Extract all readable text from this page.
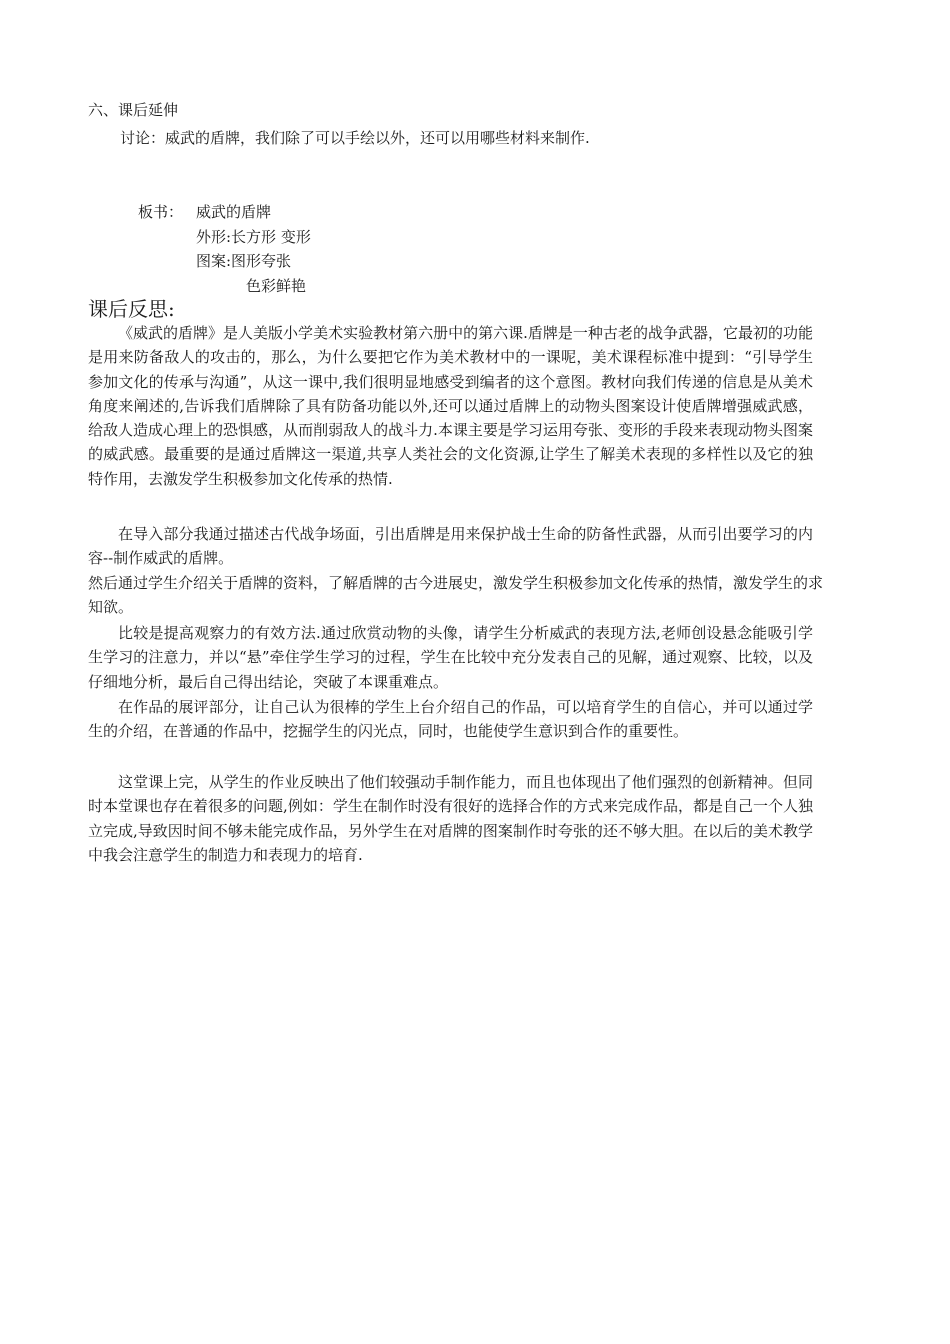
六、课后延伸
讨论：威武的盾牌，我们除了可以手绘以外，还可以用哪些材料来制作.
板书： 威武的盾牌
外形:长方形 变形
图案:图形夸张
色彩鲜艳
课后反思:
《威武的盾牌》是人美版小学美术实验教材第六册中的第六课.盾牌是一种古老的战争武器，它最初的功能是用来防备敌人的攻击的，那么，为什么要把它作为美术教材中的一课呢，美术课程标准中提到：“引导学生参加文化的传承与沟通”，从这一课中,我们很明显地感受到编者的这个意图。教材向我们传递的信息是从美术角度来阐述的,告诉我们盾牌除了具有防备功能以外,还可以通过盾牌上的动物头图案设计使盾牌增强威武感，给敌人造成心理上的恐惧感，从而削弱敌人的战斗力.本课主要是学习运用夸张、变形的手段来表现动物头图案的威武感。最重要的是通过盾牌这一渠道,共享人类社会的文化资源,让学生了解美术表现的多样性以及它的独特作用，去激发学生积极参加文化传承的热情.
在导入部分我通过描述古代战争场面，引出盾牌是用来保护战士生命的防备性武器，从而引出要学习的内容--制作威武的盾牌。
然后通过学生介绍关于盾牌的资料，了解盾牌的古今进展史，激发学生积极参加文化传承的热情，激发学生的求知欲。
比较是提高观察力的有效方法.通过欣赏动物的头像，请学生分析威武的表现方法,老师创设悬念能吸引学生学习的注意力，并以“悬”牵住学生学习的过程，学生在比较中充分发表自己的见解，通过观察、比较，以及仔细地分析，最后自己得出结论，突破了本课重难点。
在作品的展评部分，让自己认为很棒的学生上台介绍自己的作品，可以培育学生的自信心，并可以通过学生的介绍，在普通的作品中，挖掘学生的闪光点，同时，也能使学生意识到合作的重要性。
这堂课上完，从学生的作业反映出了他们较强动手制作能力，而且也体现出了他们强烈的创新精神。但同时本堂课也存在着很多的问题,例如：学生在制作时没有很好的选择合作的方式来完成作品，都是自己一个人独立完成,导致因时间不够未能完成作品，另外学生在对盾牌的图案制作时夸张的还不够大胆。在以后的美术教学中我会注意学生的制造力和表现力的培育.
